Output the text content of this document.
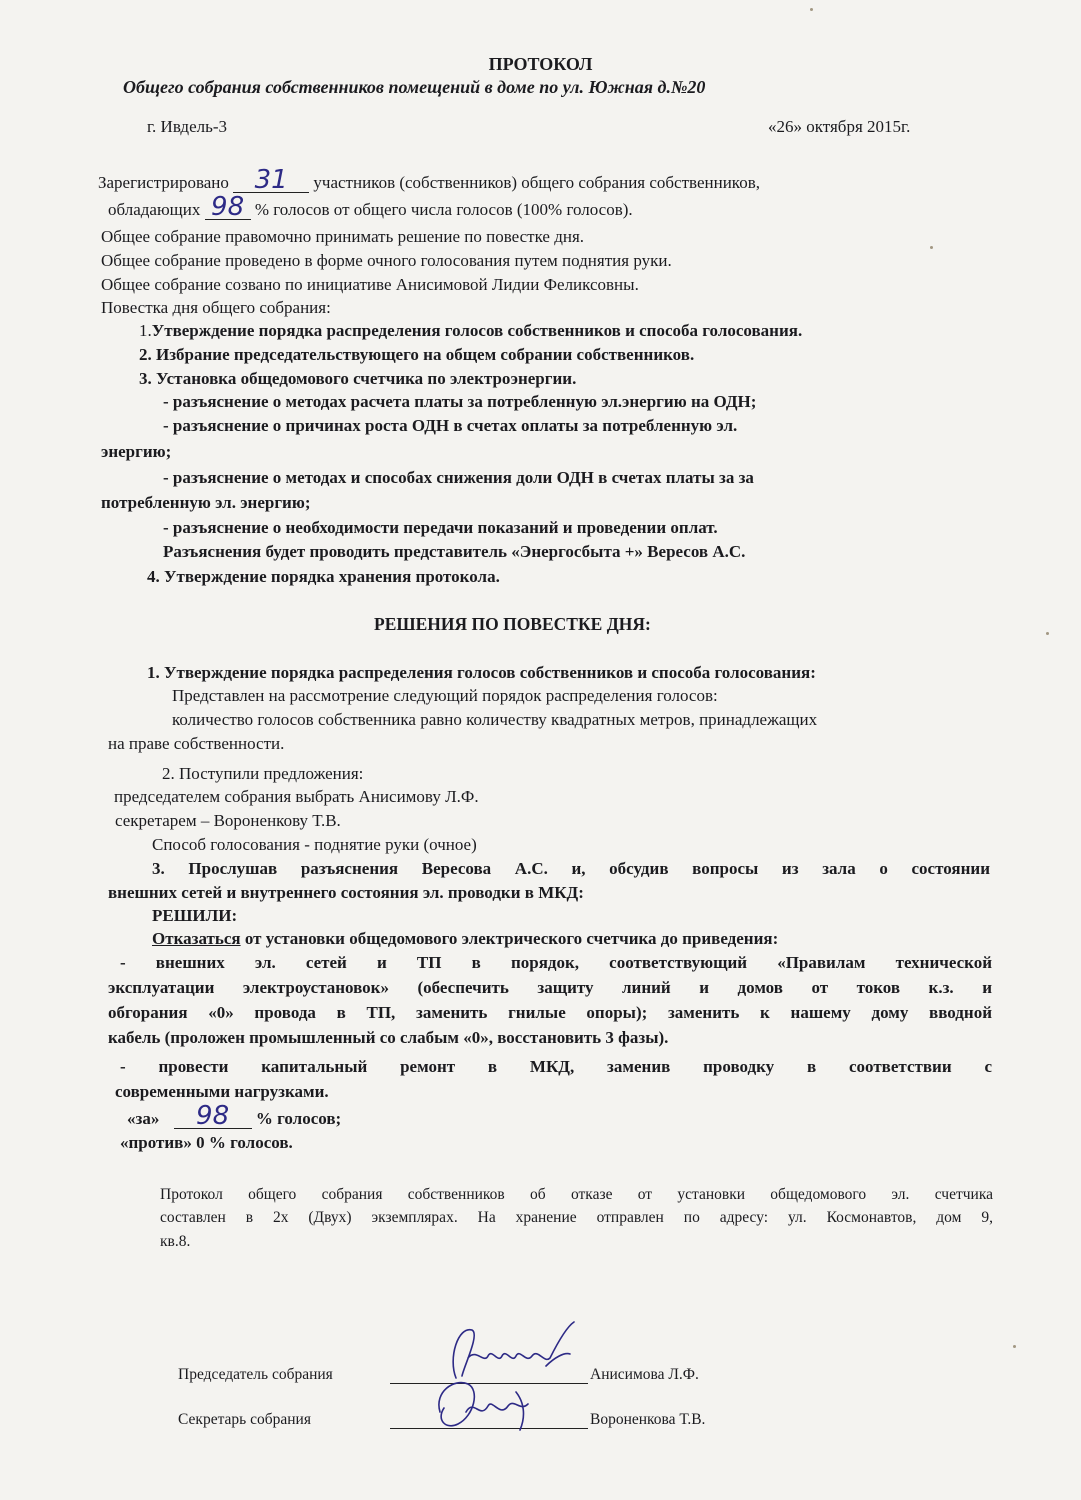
ПРОТОКОЛ
Общего собрания собственников помещений в доме по ул. Южная д.№20
г. Ивдель-3	«26» октября 2015г.
Зарегистрировано 31	участников (собственников) общего собрания собственников,
обладающих 98 % голосов от общего числа голосов (100% голосов).
Общее собрание правомочно принимать решение по повестке дня.
Общее собрание проведено в форме очного голосования путем поднятия руки.
Общее собрание созвано по инициативе Анисимовой Лидии Феликсовны.
Повестка дня общего собрания:
1.Утверждение порядка распределения голосов собственников и способа голосования.
2. Избрание председательствующего на общем собрании собственников.
3. Установка общедомового счетчика по электроэнергии.
- разъяснение о методах расчета платы за потребленную эл.энергию на ОДН;
- разъяснение о причинах роста ОДН в счетах оплаты за потребленную эл.
энергию;
- разъяснение о методах и способах снижения доли ОДН в счетах платы за за
потребленную эл. энергию;
- разъяснение о необходимости передачи показаний и проведении оплат.
Разъяснения будет проводить представитель «Энергосбыта +» Вересов А.С.
4. Утверждение порядка хранения протокола.
РЕШЕНИЯ ПО ПОВЕСТКЕ ДНЯ:
1. Утверждение порядка распределения голосов собственников и способа голосования:
Представлен на рассмотрение следующий порядок распределения голосов:
количество голосов собственника равно количеству квадратных метров, принадлежащих
на праве собственности.
2. Поступили предложения:
председателем собрания выбрать Анисимову Л.Ф.
секретарем – Вороненкову Т.В.
Способ голосования - поднятие руки (очное)
3. Прослушав разъяснения Вересова А.С. и, обсудив вопросы из зала о состоянии
внешних сетей и внутреннего состояния эл. проводки в МКД:
РЕШИЛИ:
Отказаться от установки общедомового электрического счетчика до приведения:
- внешних эл. сетей и ТП в порядок, соответствующий «Правилам технической
эксплуатации электроустановок» (обеспечить защиту линий и домов от токов к.з. и
обгорания «0» провода в ТП, заменить гнилые опоры); заменить к нашему дому вводной
кабель (проложен промышленный со слабым «0», восстановить 3 фазы).
- провести капитальный ремонт в МКД, заменив проводку в соответствии с
современными нагрузками.
«за»	98	% голосов;
«против» 0 % голосов.
Протокол общего собрания собственников об отказе от установки общедомового эл. счетчика
составлен в 2х (Двух) экземплярах. На хранение отправлен по адресу: ул. Космонавтов, дом 9,
кв.8.
Председатель собрания	Анисимова Л.Ф.
Секретарь собрания	Вороненкова Т.В.
